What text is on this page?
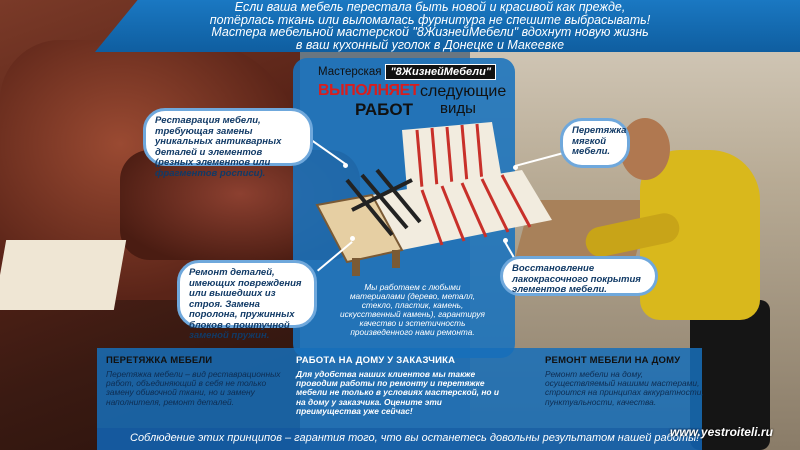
Если ваша мебель перестала быть новой и красивой как прежде,

потёрлась ткань или выломалась фурнитура не спешите выбрасывать!

Мастера мебельной мастерской "8ЖизнейМебели" вдохнут новую жизнь

в ваш кухонный уголок в Донецке и Макеевке

Мастерская "8ЖизнейМебели"
ВЫПОЛНЯЕТ следующие
РАБОТ виды
Реставрация мебели, требующая замены уникальных антикварных деталей и элементов (резных элементов или фрагментов росписи).
Ремонт деталей, имеющих повреждения или вышедших из строя. Замена поролона, пружинных блоков с поштучной заменой пружин.
Перетяжка мягкой мебели.
Восстановление лакокрасочного покрытия элементов мебели.
Мы работаем с любыми материалами (дерево, металл, стекло, пластик, камень, искусственный камень), гарантируя качество и эстетичность произведенного нами ремонта.
ПЕРЕТЯЖКА МЕБЕЛИ

Перетяжка мебели – вид реставрационных работ, объединяющий в себя не только замену обивочной ткани, но и замену наполнителя, ремонт деталей.

РАБОТА НА ДОМУ У ЗАКАЗЧИКА

Для удобства наших клиентов мы также проводим работы по ремонту и перетяжке мебели не только в условиях мастерской, но и на дому у заказчика. Оцените эти преимущества уже сейчас!

РЕМОНТ МЕБЕЛИ НА ДОМУ

Ремонт мебели на дому, осуществляемый нашими мастерами, строится на принципах аккуратности, пунктуальности, качества.

Соблюдение этих принципов – гарантия того, что вы останетесь довольны результатом нашей работы!
www.yestroiteli.ru
